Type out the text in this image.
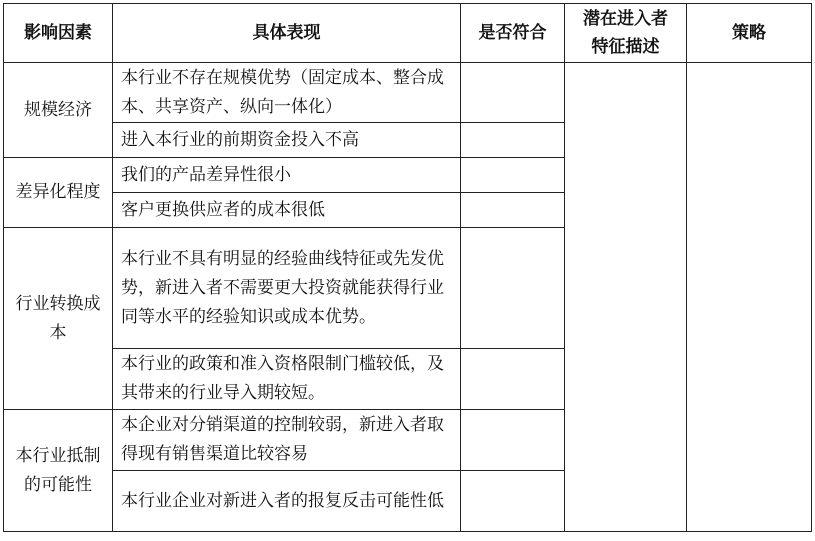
影响因素	具体表现	是否符合	潜在进入者特征描述	策略
规模经济	本行业不存在规模优势（固定成本、整合成本、共享资产、纵向一体化）			
	进入本行业的前期资金投入不高			
差异化程度	我们的产品差异性很小			
	客户更换供应者的成本很低			
行业转换成本	本行业不具有明显的经验曲线特征或先发优势，新进入者不需要更大投资就能获得行业同等水平的经验知识或成本优势。			
	本行业的政策和准入资格限制门槛较低，及其带来的行业导入期较短。			
本行业抵制的可能性	本企业对分销渠道的控制较弱，新进入者取得现有销售渠道比较容易			
	本行业企业对新进入者的报复反击可能性低			
